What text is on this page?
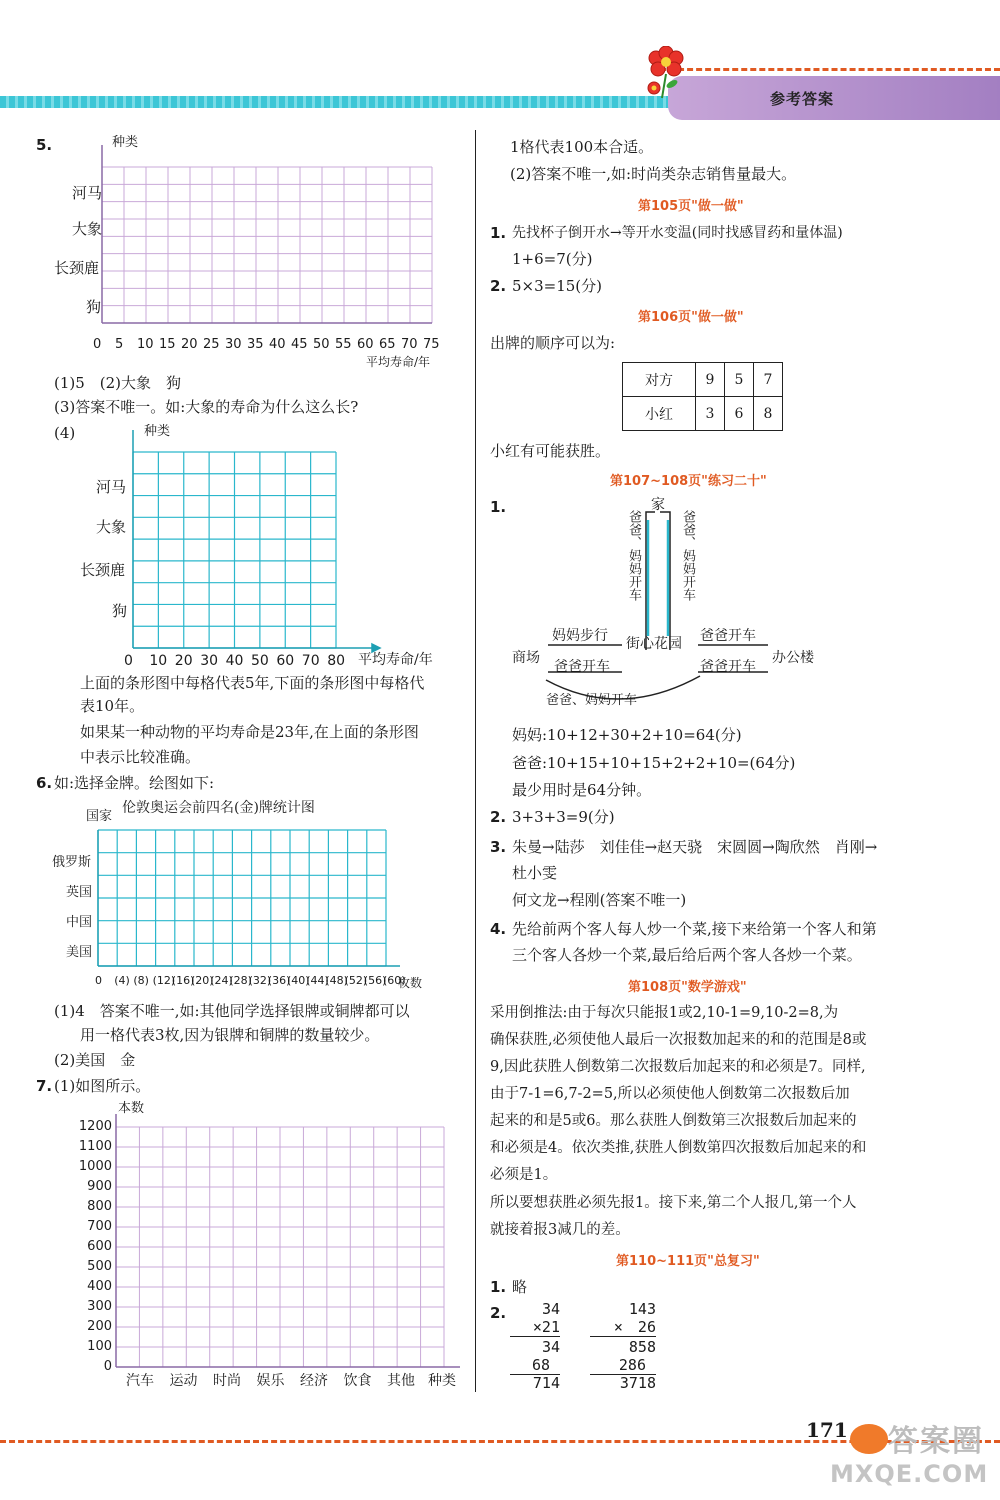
参考答案
5.	种类
河马
大象
长颈鹿
狗
0 5 10 15 20 25 30 35 40 45 50 55 60 65 70 75
平均寿命/年
(1)5　(2)大象　狗
(3)答案不唯一。如:大象的寿命为什么这么长?
(4)	种类
河马
大象
长颈鹿
狗
0 10 20 30 40 50 60 70 80 平均寿命/年
上面的条形图中每格代表5年,下面的条形图中每格代
表10年。
如果某一种动物的平均寿命是23年,在上面的条形图
中表示比较准确。
6. 如:选择金牌。绘图如下:
伦敦奥运会前四名(金)牌统计图
国家
俄罗斯
英国
中国
美国
0 (4) (8) (12)
(16)
(20)
(24)
(28)
(32)
(36)
(40)
(44)
(48)
(52)
(56)
(60)
枚数
(1)4　答案不唯一,如:其他同学选择银牌或铜牌都可以
用一格代表3枚,因为银牌和铜牌的数量较少。
(2)美国　金
7. (1)如图所示。
本数
1200
1100
1000
900
800
700
600
500
400
300
200
100
0
汽车 运动 时尚 娱乐 经济 饮食 其他 种类
1格代表100本合适。
(2)答案不唯一,如:时尚类杂志销售量最大。
第105页"做一做"
1. 先找杯子倒开水→等开水变温(同时找感冒药和量体温)
1+6=7(分)
2. 5×3=15(分)
第106页"做一做"
出牌的顺序可以为:
对方	9	5	7
小红	3	6	8
小红有可能获胜。
第107~108页"练习二十"
1.	家
爸爸、妈妈开车	爸爸、妈妈开车
妈妈步行 街心花园 爸爸开车
商场	办公楼
爸爸开车	爸爸开车
爸爸、妈妈开车
妈妈:10+12+30+2+10=64(分)
爸爸:10+15+10+15+2+2+10=(64分)
最少用时是64分钟。
2. 3+3+3=9(分)
3. 朱曼→陆莎　刘佳佳→赵天骁　宋圆圆→陶欣然　肖刚→
杜小雯
何文龙→程刚(答案不唯一)
4. 先给前两个客人每人炒一个菜,接下来给第一个客人和第
三个客人各炒一个菜,最后给后两个客人各炒一个菜。
第108页"数学游戏"
采用倒推法:由于每次只能报1或2,10-1=9,10-2=8,为
确保获胜,必须使他人最后一次报数加起来的和的范围是8或
9,因此获胜人倒数第二次报数后加起来的和必须是7。同样,
由于7-1=6,7-2=5,所以必须使他人倒数第二次报数后加
起来的和是5或6。那么获胜人倒数第三次报数后加起来的
和必须是4。依次类推,获胜人倒数第四次报数后加起来的和
必须是1。
所以要想获胜必须先报1。接下来,第二个人报几,第一个人
就接着报3减几的差。
第110~111页"总复习"
1. 略
2.	34
×21
34
68
714
143
×　26
858
286
3718
171 答案圈
MXQE.COM
